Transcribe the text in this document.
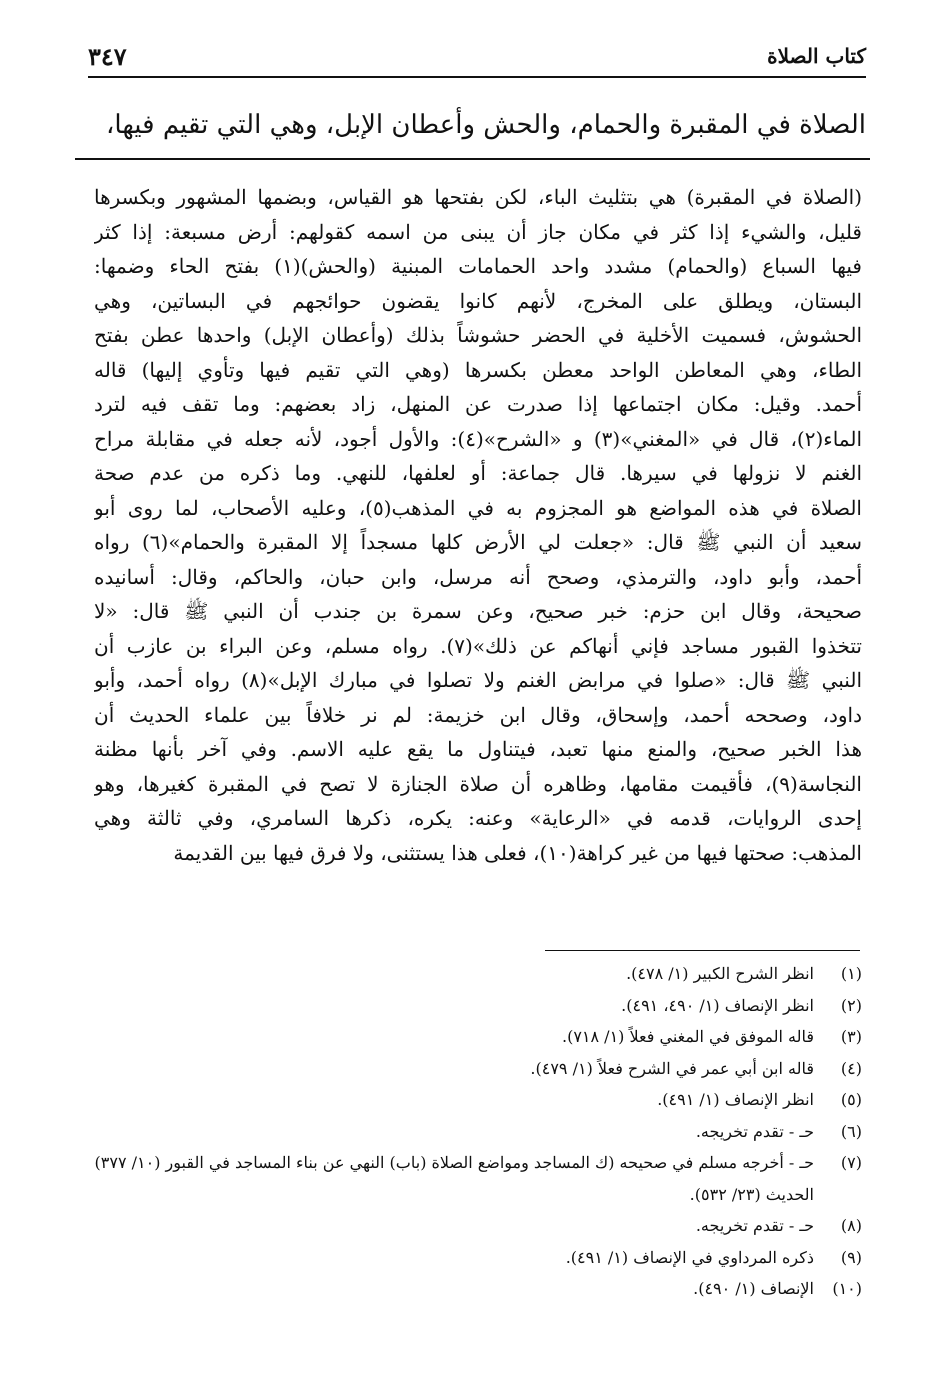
٣٤٧	كتاب الصلاة
الصلاة في المقبرة والحمام، والحش وأعطان الإبل، وهي التي تقيم فيها،
(الصلاة في المقبرة) هي بتثليث الباء، لكن بفتحها هو القياس، وبضمها المشهور وبكسرها
قليل، والشيء إذا كثر في مكان جاز أن يبنى من اسمه كقولهم: أرض مسبعة: إذا كثر
فيها السباع (والحمام) مشدد واحد الحمامات المبنية (والحش)(١) بفتح الحاء وضمها:
البستان، ويطلق على المخرج، لأنهم كانوا يقضون حوائجهم في البساتين، وهي
الحشوش، فسميت الأخلية في الحضر حشوشاً بذلك (وأعطان الإبل) واحدها عطن بفتح
الطاء، وهي المعاطن الواحد معطن بكسرها (وهي التي تقيم فيها وتأوي إليها) قاله
أحمد. وقيل: مكان اجتماعها إذا صدرت عن المنهل، زاد بعضهم: وما تقف فيه لترد
الماء(٢)، قال في «المغني»(٣) و «الشرح»(٤): والأول أجود، لأنه جعله في مقابلة مراح
الغنم لا نزولها في سيرها. قال جماعة: أو لعلفها، للنهي. وما ذكره من عدم صحة
الصلاة في هذه المواضع هو المجزوم به في المذهب(٥)، وعليه الأصحاب، لما روى أبو
سعيد أن النبي ﷺ قال: «جعلت لي الأرض كلها مسجداً إلا المقبرة والحمام»(٦) رواه
أحمد، وأبو داود، والترمذي، وصحح أنه مرسل، وابن حبان، والحاكم، وقال: أسانيده
صحيحة، وقال ابن حزم: خبر صحيح، وعن سمرة بن جندب أن النبي ﷺ قال: «لا
تتخذوا القبور مساجد فإني أنهاكم عن ذلك»(٧). رواه مسلم، وعن البراء بن عازب أن
النبي ﷺ قال: «صلوا في مرابض الغنم ولا تصلوا في مبارك الإبل»(٨) رواه أحمد، وأبو
داود، وصححه أحمد، وإسحاق، وقال ابن خزيمة: لم نر خلافاً بين علماء الحديث أن
هذا الخبر صحيح، والمنع منها تعبد، فيتناول ما يقع عليه الاسم. وفي آخر بأنها مظنة
النجاسة(٩)، فأقيمت مقامها، وظاهره أن صلاة الجنازة لا تصح في المقبرة كغيرها، وهو
إحدى الروايات، قدمه في «الرعاية» وعنه: يكره، ذكرها السامري، وفي ثالثة وهي
المذهب: صحتها فيها من غير كراهة(١٠)، فعلى هذا يستثنى، ولا فرق فيها بين القديمة
(١)
انظر الشرح الكبير (١/ ٤٧٨).
(٢)
انظر الإنصاف (١/ ٤٩٠، ٤٩١).
(٣)
قاله الموفق في المغني فعلاً (١/ ٧١٨).
(٤)
قاله ابن أبي عمر في الشرح فعلاً (١/ ٤٧٩).
(٥)
انظر الإنصاف (١/ ٤٩١).
(٦)
حـ - تقدم تخريجه.
(٧)
حـ - أخرجه مسلم في صحيحه (ك المساجد ومواضع الصلاة (باب) النهي عن بناء المساجد في القبور (١٠/ ٣٧٧) الحديث (٢٣/ ٥٣٢).
(٨)
حـ - تقدم تخريجه.
(٩)
ذكره المرداوي في الإنصاف (١/ ٤٩١).
(١٠)
الإنصاف (١/ ٤٩٠).
